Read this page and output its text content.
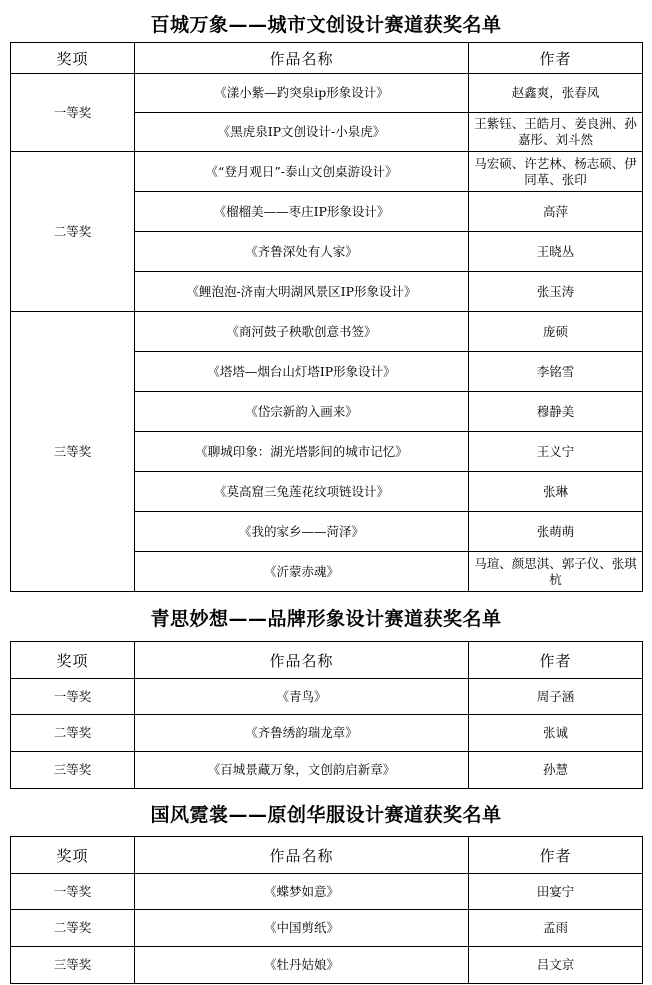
百城万象——城市文创设计赛道获奖名单
奖项	作品名称	作者
一等奖	《漾小紫—趵突泉ip形象设计》	赵鑫爽，张春凤
	《黑虎泉IP文创设计-小泉虎》	王紫钰、王皓月、姜良洲、孙嘉彤、刘斗然
二等奖	《“登月观日”-泰山文创桌游设计》	马宏硕、许艺林、杨志硕、伊同革、张印
	《榴榴美——枣庄IP形象设计》	高萍
	《齐鲁深处有人家》	王晓丛
	《鲤泡泡-济南大明湖风景区IP形象设计》	张玉涛
三等奖	《商河鼓子秧歌创意书签》	庞硕
	《塔塔—烟台山灯塔IP形象设计》	李铭雪
	《岱宗新韵入画来》	穆静美
	《聊城印象：湖光塔影间的城市记忆》	王义宁
	《莫高窟三兔莲花纹项链设计》	张琳
	《我的家乡——菏泽》	张萌萌
	《沂蒙赤魂》	马瑄、颜思淇、郭子仪、张琪杭
青思妙想——品牌形象设计赛道获奖名单
奖项	作品名称	作者
一等奖	《青鸟》	周子涵
二等奖	《齐鲁绣韵瑞龙章》	张诚
三等奖	《百城景藏万象，文创韵启新章》	孙慧
国风霓裳——原创华服设计赛道获奖名单
奖项	作品名称	作者
一等奖	《蝶梦如意》	田宴宁
二等奖	《中国剪纸》	孟雨
三等奖	《牡丹姑娘》	吕文京
